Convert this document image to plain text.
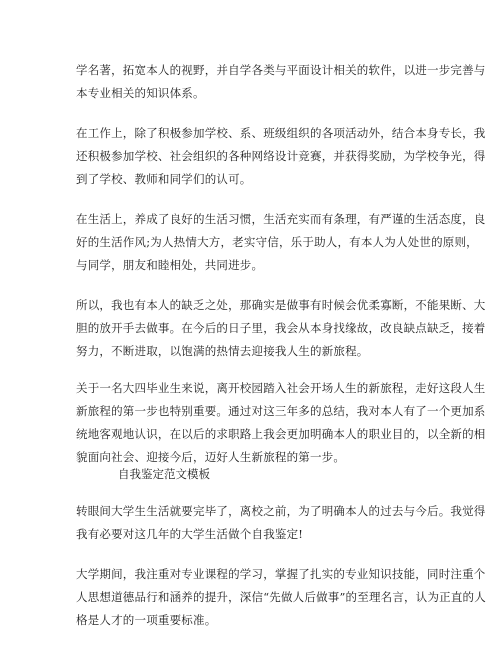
学名著，拓宽本人的视野，并自学各类与平面设计相关的软件，以进一步完善与
本专业相关的知识体系。

在工作上，除了积极参加学校、系、班级组织的各项活动外，结合本身专长，我
还积极参加学校、社会组织的各种网络设计竞赛，并获得奖励，为学校争光，得
到了学校、教师和同学们的认可。

在生活上，养成了良好的生活习惯，生活充实而有条理，有严谨的生活态度，良
好的生活作风;为人热情大方，老实守信，乐于助人，有本人为人处世的原则，
与同学，朋友和睦相处，共同进步。

所以，我也有本人的缺乏之处，那确实是做事有时候会优柔寡断，不能果断、大
胆的放开手去做事。在今后的日子里，我会从本身找缘故，改良缺点缺乏，接着
努力，不断进取，以饱满的热情去迎接我人生的新旅程。

关于一名大四毕业生来说，离开校园踏入社会开场人生的新旅程，走好这段人生
新旅程的第一步也特别重要。通过对这三年多的总结，我对本人有了一个更加系
统地客观地认识，在以后的求职路上我会更加明确本人的职业目的，以全新的相
貌面向社会、迎接今后，迈好人生新旅程的第一步。

自我鉴定范文模板

转眼间大学生生活就要完毕了，离校之前，为了明确本人的过去与今后。我觉得
我有必要对这几年的大学生活做个自我鉴定!

大学期间，我注重对专业课程的学习，掌握了扎实的专业知识技能，同时注重个
人思想道德品行和涵养的提升，深信“先做人后做事”的至理名言，认为正直的人
格是人才的一项重要标准。
